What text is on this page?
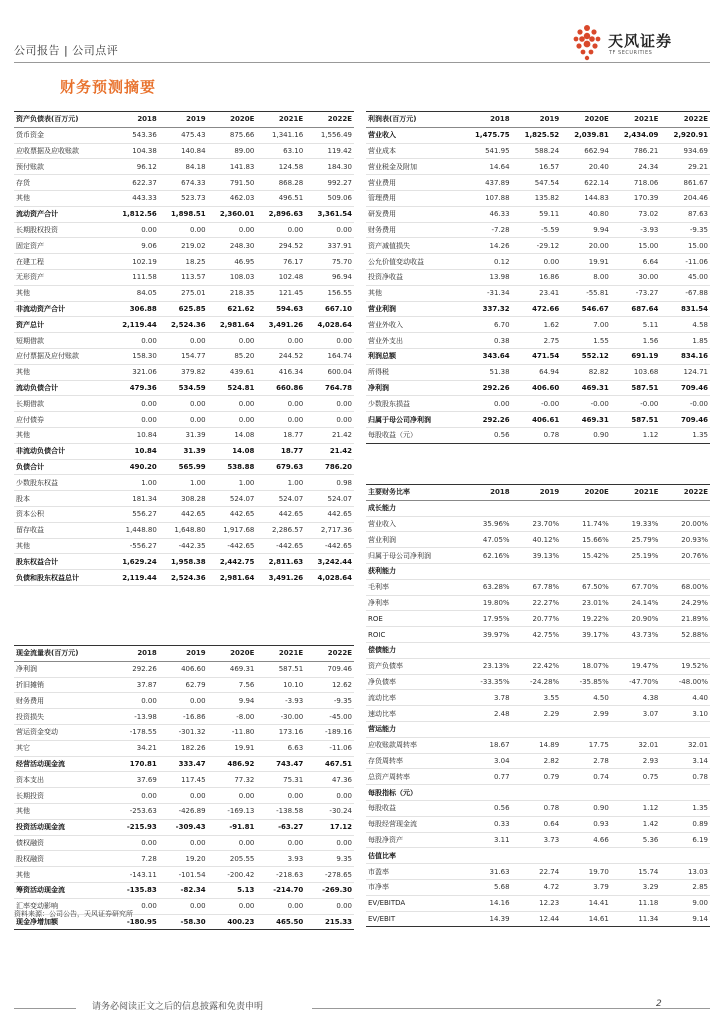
公司报告 | 公司点评
天风证券
TF SECURITIES
财务预测摘要
资产负债表(百万元)	2018	2019	2020E	2021E	2022E
货币资金	543.36	475.43	875.66	1,341.16	1,556.49
应收票据及应收账款	104.38	140.84	89.00	63.10	119.42
预付账款	96.12	84.18	141.83	124.58	184.30
存货	622.37	674.33	791.50	868.28	992.27
其他	443.33	523.73	462.03	496.51	509.06
流动资产合计	1,812.56	1,898.51	2,360.01	2,896.63	3,361.54
长期股权投资	0.00	0.00	0.00	0.00	0.00
固定资产	9.06	219.02	248.30	294.52	337.91
在建工程	102.19	18.25	46.95	76.17	75.70
无形资产	111.58	113.57	108.03	102.48	96.94
其他	84.05	275.01	218.35	121.45	156.55
非流动资产合计	306.88	625.85	621.62	594.63	667.10
资产总计	2,119.44	2,524.36	2,981.64	3,491.26	4,028.64
短期借款	0.00	0.00	0.00	0.00	0.00
应付票据及应付账款	158.30	154.77	85.20	244.52	164.74
其他	321.06	379.82	439.61	416.34	600.04
流动负债合计	479.36	534.59	524.81	660.86	764.78
长期借款	0.00	0.00	0.00	0.00	0.00
应付债券	0.00	0.00	0.00	0.00	0.00
其他	10.84	31.39	14.08	18.77	21.42
非流动负债合计	10.84	31.39	14.08	18.77	21.42
负债合计	490.20	565.99	538.88	679.63	786.20
少数股东权益	1.00	1.00	1.00	1.00	0.98
股本	181.34	308.28	524.07	524.07	524.07
资本公积	556.27	442.65	442.65	442.65	442.65
留存收益	1,448.80	1,648.80	1,917.68	2,286.57	2,717.36
其他	-556.27	-442.35	-442.65	-442.65	-442.65
股东权益合计	1,629.24	1,958.38	2,442.75	2,811.63	3,242.44
负债和股东权益总计	2,119.44	2,524.36	2,981.64	3,491.26	4,028.64
利润表(百万元)	2018	2019	2020E	2021E	2022E
营业收入	1,475.75	1,825.52	2,039.81	2,434.09	2,920.91
营业成本	541.95	588.24	662.94	786.21	934.69
营业税金及附加	14.64	16.57	20.40	24.34	29.21
营业费用	437.89	547.54	622.14	718.06	861.67
管理费用	107.88	135.82	144.83	170.39	204.46
研发费用	46.33	59.11	40.80	73.02	87.63
财务费用	-7.28	-5.59	9.94	-3.93	-9.35
资产减值损失	14.26	-29.12	20.00	15.00	15.00
公允价值变动收益	0.12	0.00	19.91	6.64	-11.06
投资净收益	13.98	16.86	8.00	30.00	45.00
其他	-31.34	23.41	-55.81	-73.27	-67.88
营业利润	337.32	472.66	546.67	687.64	831.54
营业外收入	6.70	1.62	7.00	5.11	4.58
营业外支出	0.38	2.75	1.55	1.56	1.85
利润总额	343.64	471.54	552.12	691.19	834.16
所得税	51.38	64.94	82.82	103.68	124.71
净利润	292.26	406.60	469.31	587.51	709.46
少数股东损益	0.00	-0.00	-0.00	-0.00	-0.00
归属于母公司净利润	292.26	406.61	469.31	587.51	709.46
每股收益（元）	0.56	0.78	0.90	1.12	1.35
主要财务比率	2018	2019	2020E	2021E	2022E
成长能力					
营业收入	35.96%	23.70%	11.74%	19.33%	20.00%
营业利润	47.05%	40.12%	15.66%	25.79%	20.93%
归属于母公司净利润	62.16%	39.13%	15.42%	25.19%	20.76%
获利能力					
毛利率	63.28%	67.78%	67.50%	67.70%	68.00%
净利率	19.80%	22.27%	23.01%	24.14%	24.29%
ROE	17.95%	20.77%	19.22%	20.90%	21.89%
ROIC	39.97%	42.75%	39.17%	43.73%	52.88%
偿债能力					
资产负债率	23.13%	22.42%	18.07%	19.47%	19.52%
净负债率	-33.35%	-24.28%	-35.85%	-47.70%	-48.00%
流动比率	3.78	3.55	4.50	4.38	4.40
速动比率	2.48	2.29	2.99	3.07	3.10
营运能力					
应收账款周转率	18.67	14.89	17.75	32.01	32.01
存货周转率	3.04	2.82	2.78	2.93	3.14
总资产周转率	0.77	0.79	0.74	0.75	0.78
每股指标（元）					
每股收益	0.56	0.78	0.90	1.12	1.35
每股经营现金流	0.33	0.64	0.93	1.42	0.89
每股净资产	3.11	3.73	4.66	5.36	6.19
估值比率					
市盈率	31.63	22.74	19.70	15.74	13.03
市净率	5.68	4.72	3.79	3.29	2.85
EV/EBITDA	14.16	12.23	14.41	11.18	9.00
EV/EBIT	14.39	12.44	14.61	11.34	9.14
现金流量表(百万元)	2018	2019	2020E	2021E	2022E
净利润	292.26	406.60	469.31	587.51	709.46
折旧摊销	37.87	62.79	7.56	10.10	12.62
财务费用	0.00	0.00	9.94	-3.93	-9.35
投资损失	-13.98	-16.86	-8.00	-30.00	-45.00
营运资金变动	-178.55	-301.32	-11.80	173.16	-189.16
其它	34.21	182.26	19.91	6.63	-11.06
经营活动现金流	170.81	333.47	486.92	743.47	467.51
资本支出	37.69	117.45	77.32	75.31	47.36
长期投资	0.00	0.00	0.00	0.00	0.00
其他	-253.63	-426.89	-169.13	-138.58	-30.24
投资活动现金流	-215.93	-309.43	-91.81	-63.27	17.12
债权融资	0.00	0.00	0.00	0.00	0.00
股权融资	7.28	19.20	205.55	3.93	9.35
其他	-143.11	-101.54	-200.42	-218.63	-278.65
筹资活动现金流	-135.83	-82.34	5.13	-214.70	-269.30
汇率变动影响	0.00	0.00	0.00	0.00	0.00
现金净增加额	-180.95	-58.30	400.23	465.50	215.33
资料来源：公司公告，天风证券研究所
请务必阅读正文之后的信息披露和免责申明	2
